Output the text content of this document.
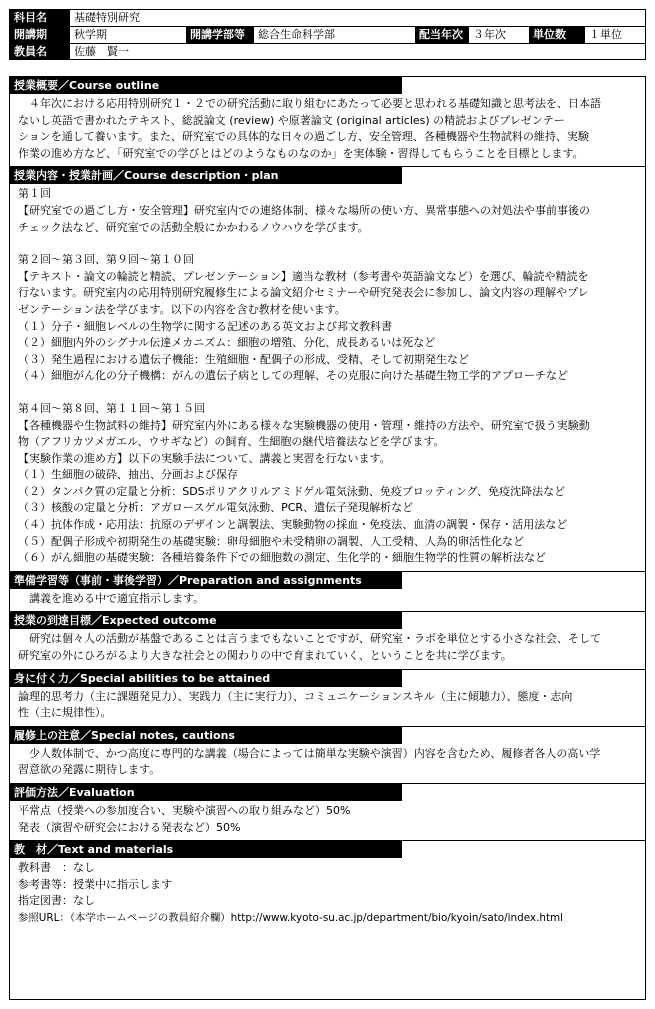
科目名	基礎特別研究
開講期	秋学期	開講学部等	総合生命科学部	配当年次 ３年次	単位数	１単位
教員名	佐藤　賢一
授業概要／Course outline
　４年次における応用特別研究１・２での研究活動に取り組むにあたって必要と思われる基礎知識と思考法を、日本語
ないし英語で書かれたテキスト、総説論文 (review) や原著論文 (original articles) の精読およびプレゼンテー
ションを通して養います。また、研究室での具体的な日々の過ごし方、安全管理、各種機器や生物試料の維持、実験
作業の進め方など、「研究室での学びとはどのようなものなのか」を実体験・習得してもらうことを目標とします。
授業内容・授業計画／Course description・plan
第１回
【研究室での過ごし方・安全管理】研究室内での連絡体制、様々な場所の使い方、異常事態への対処法や事前事後の
チェック法など、研究室での活動全般にかかわるノウハウを学びます。
第２回〜第３回、第９回〜第１０回
【テキスト・論文の輪読と精読、プレゼンテーション】適当な教材（参考書や英語論文など）を選び、輪読や精読を
行ないます。研究室内の応用特別研究履修生による論文紹介セミナーや研究発表会に参加し、論文内容の理解やプレ
ゼンテーション法を学びます。以下の内容を含む教材を使います。
（１）分子・細胞レベルの生物学に関する記述のある英文および邦文教科書
（２）細胞内外のシグナル伝達メカニズム：細胞の増殖、分化、成長あるいは死など
（３）発生過程における遺伝子機能：生殖細胞・配偶子の形成、受精、そして初期発生など
（４）細胞がん化の分子機構：がんの遺伝子病としての理解、その克服に向けた基礎生物工学的アプローチなど
第４回〜第８回、第１１回〜第１５回
【各種機器や生物試料の維持】研究室内外にある様々な実験機器の使用・管理・維持の方法や、研究室で扱う実験動
物（アフリカツメガエル、ウサギなど）の飼育、生細胞の継代培養法などを学びます。
【実験作業の進め方】以下の実験手法について、講義と実習を行ないます。
（１）生細胞の破砕、抽出、分画および保存
（２）タンパク質の定量と分析：SDSポリアクリルアミドゲル電気泳動、免疫ブロッティング、免疫沈降法など
（３）核酸の定量と分析：アガロースゲル電気泳動、PCR、遺伝子発現解析など
（４）抗体作成・応用法：抗原のデザインと調製法、実験動物の採血・免疫法、血清の調製・保存・活用法など
（５）配偶子形成や初期発生の基礎実験：卵母細胞や未受精卵の調製、人工受精、人為的卵活性化など
（６）がん細胞の基礎実験：各種培養条件下での細胞数の測定、生化学的・細胞生物学的性質の解析法など
準備学習等（事前・事後学習）／Preparation and assignments
　講義を進める中で適宜指示します。
授業の到達目標／Expected outcome
　研究は個々人の活動が基盤であることは言うまでもないことですが、研究室・ラボを単位とする小さな社会、そして
研究室の外にひろがるより大きな社会との関わりの中で育まれていく、ということを共に学びます。
身に付く力／Special abilities to be attained
論理的思考力（主に課題発見力）、実践力（主に実行力）、コミュニケーションスキル（主に傾聴力）、態度・志向
性（主に規律性）。
履修上の注意／Special notes, cautions
　少人数体制で、かつ高度に専門的な講義（場合によっては簡単な実験や演習）内容を含むため、履修者各人の高い学
習意欲の発露に期待します。
評価方法／Evaluation
平常点（授業への参加度合い、実験や演習への取り組みなど）50%
発表（演習や研究会における発表など）50%
教　材／Text and materials
教科書　：なし
参考書等：授業中に指示します
指定図書：なし
参照URL：（本学ホームページの教員紹介欄）http://www.kyoto-su.ac.jp/department/bio/kyoin/sato/index.html
